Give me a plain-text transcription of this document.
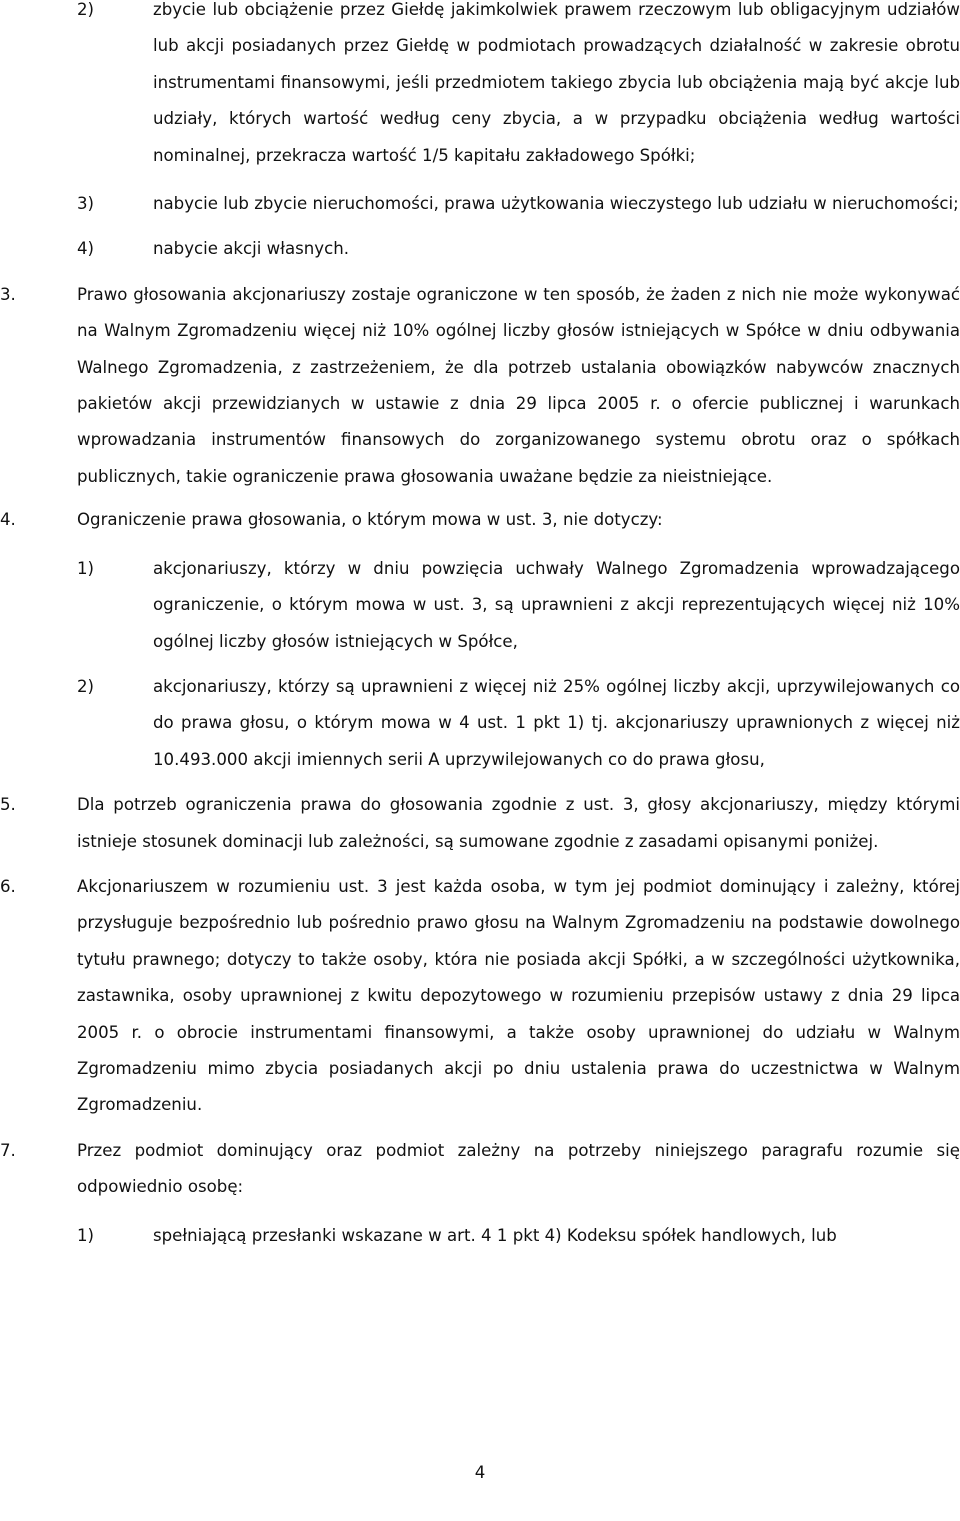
2)	zbycie lub obciążenie przez Giełdę jakimkolwiek prawem rzeczowym lub obligacyjnym udziałów lub akcji posiadanych przez Giełdę w podmiotach prowadzących działalność w zakresie obrotu instrumentami finansowymi, jeśli przedmiotem takiego zbycia lub obciążenia mają być akcje lub udziały, których wartość według ceny zbycia, a w przypadku obciążenia według wartości nominalnej, przekracza wartość 1/5 kapitału zakładowego Spółki;
3)	nabycie lub zbycie nieruchomości, prawa użytkowania wieczystego lub udziału w nieruchomości;
4)	nabycie akcji własnych.
3.	Prawo głosowania akcjonariuszy zostaje ograniczone w ten sposób, że żaden z nich nie może wykonywać na Walnym Zgromadzeniu więcej niż 10% ogólnej liczby głosów istniejących w Spółce w dniu odbywania Walnego Zgromadzenia, z zastrzeżeniem, że dla potrzeb ustalania obowiązków nabywców znacznych pakietów akcji przewidzianych w ustawie z dnia 29 lipca 2005 r. o ofercie publicznej i warunkach wprowadzania instrumentów finansowych do zorganizowanego systemu obrotu oraz o spółkach publicznych, takie ograniczenie prawa głosowania uważane będzie za nieistniejące.
4.	Ograniczenie prawa głosowania, o którym mowa w ust. 3, nie dotyczy:
1)	akcjonariuszy, którzy w dniu powzięcia uchwały Walnego Zgromadzenia wprowadzającego ograniczenie, o którym mowa w ust. 3, są uprawnieni z akcji reprezentujących więcej niż 10% ogólnej liczby głosów istniejących w Spółce,
2)	akcjonariuszy, którzy są uprawnieni z więcej niż 25% ogólnej liczby akcji, uprzywilejowanych co do prawa głosu, o którym mowa w 4 ust. 1 pkt 1) tj. akcjonariuszy uprawnionych z więcej niż 10.493.000 akcji imiennych serii A uprzywilejowanych co do prawa głosu,
5.	Dla potrzeb ograniczenia prawa do głosowania zgodnie z ust. 3, głosy akcjonariuszy, między którymi istnieje stosunek dominacji lub zależności, są sumowane zgodnie z zasadami opisanymi poniżej.
6.	Akcjonariuszem w rozumieniu ust. 3 jest każda osoba, w tym jej podmiot dominujący i zależny, której przysługuje bezpośrednio lub pośrednio prawo głosu na Walnym Zgromadzeniu na podstawie dowolnego tytułu prawnego; dotyczy to także osoby, która nie posiada akcji Spółki, a w szczególności użytkownika, zastawnika, osoby uprawnionej z kwitu depozytowego w rozumieniu przepisów ustawy z dnia 29 lipca 2005 r. o obrocie instrumentami finansowymi, a także osoby uprawnionej do udziału w Walnym Zgromadzeniu mimo zbycia posiadanych akcji po dniu ustalenia prawa do uczestnictwa w Walnym Zgromadzeniu.
7.	Przez podmiot dominujący oraz podmiot zależny na potrzeby niniejszego paragrafu rozumie się odpowiednio osobę:
1)	spełniającą przesłanki wskazane w art. 4 1 pkt 4) Kodeksu spółek handlowych, lub
4
